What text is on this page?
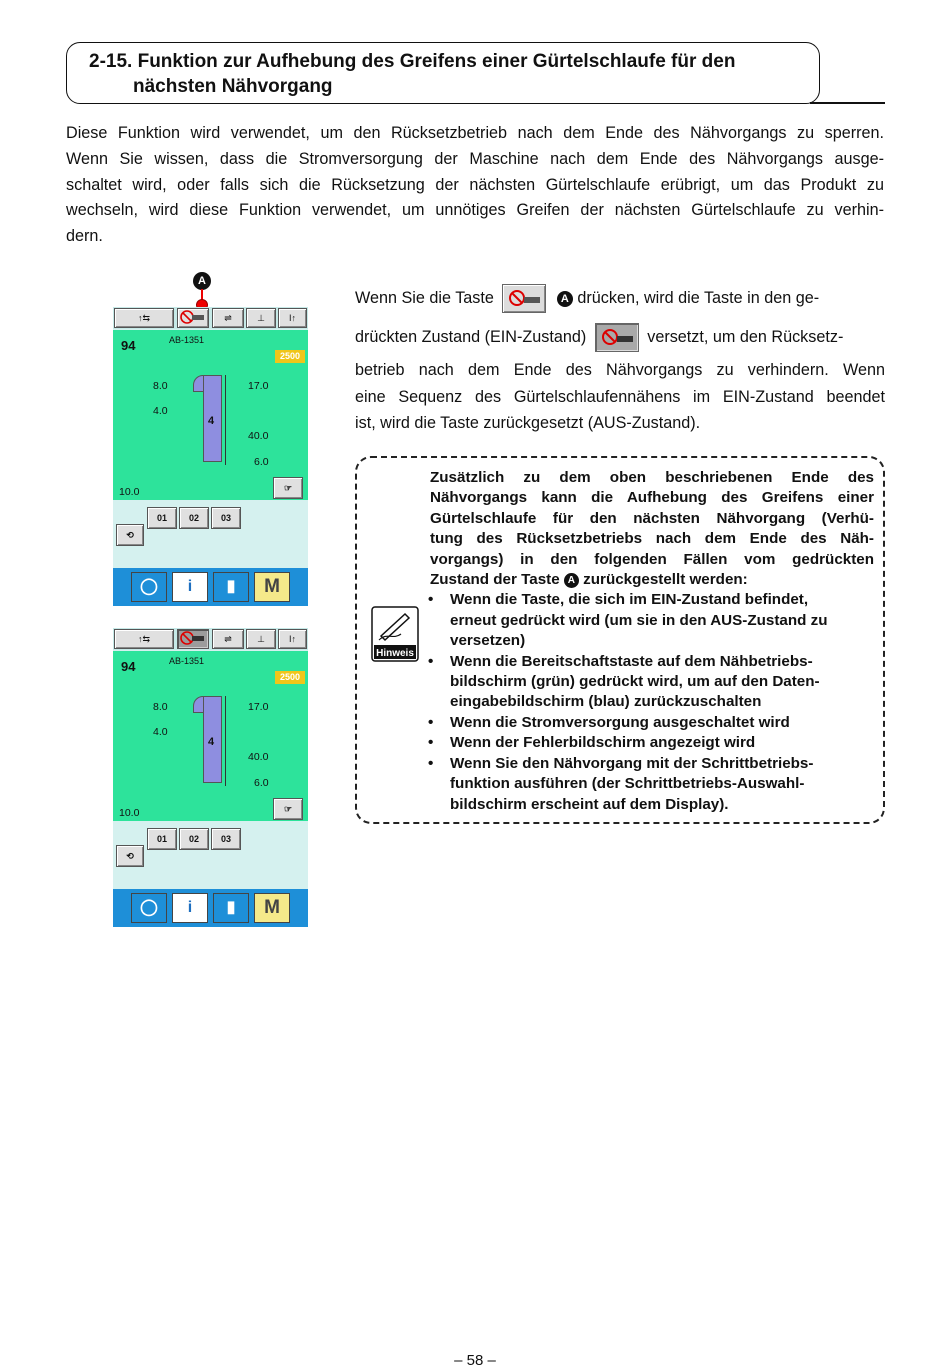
2-15. Funktion zur Aufhebung des Greifens einer Gürtelschlaufe für den
nächsten Nähvorgang
Diese Funktion wird verwendet, um den Rücksetzbetrieb nach dem Ende des Nähvorgangs zu sperren.
Wenn Sie wissen, dass die Stromversorgung der Maschine nach dem Ende des Nähvorgangs ausge-
schaltet wird, oder falls sich die Rücksetzung der nächsten Gürtelschlaufe erübrigt, um das Produkt zu
wechseln, wird diese Funktion verwendet, um unnötiges Greifen der nächsten Gürtelschlaufe zu verhin-
dern.
A
↑⇆	⇌	⊥	I↑
94	AB-1351
2500
8.0
4.0
4
17.0
40.0
6.0
10.0	☞
01	02	03
⟲
◯	i	▮	M
↑⇆	⇌	⊥	I↑
94	AB-1351
2500
8.0
4.0
4
17.0
40.0
6.0
10.0	☞
01	02	03
⟲
◯	i	▮	M
Wenn Sie die Taste	A drücken, wird die Taste in den ge-
drückten Zustand (EIN-Zustand)	versetzt, um den Rücksetz-
betrieb nach dem Ende des Nähvorgangs zu verhindern. Wenn
eine Sequenz des Gürtelschlaufennähens im EIN-Zustand beendet
ist, wird die Taste zurückgesetzt (AUS-Zustand).
Hinweis
Zusätzlich zu dem oben beschriebenen Ende des
Nähvorgangs kann die Aufhebung des Greifens einer
Gürtelschlaufe für den nächsten Nähvorgang (Verhü-
tung des Rücksetzbetriebs nach dem Ende des Näh-
vorgangs) in den folgenden Fällen vom gedrückten
Zustand der Taste A zurückgestellt werden:
• Wenn die Taste, die sich im EIN-Zustand befindet,
erneut gedrückt wird (um sie in den AUS-Zustand zu
versetzen)
• Wenn die Bereitschaftstaste auf dem Nähbetriebs-
bildschirm (grün) gedrückt wird, um auf den Daten-
eingabebildschirm (blau) zurückzuschalten
• Wenn die Stromversorgung ausgeschaltet wird
• Wenn der Fehlerbildschirm angezeigt wird
• Wenn Sie den Nähvorgang mit der Schrittbetriebs-
funktion ausführen (der Schrittbetriebs-Auswahl-
bildschirm erscheint auf dem Display).
– 58 –
